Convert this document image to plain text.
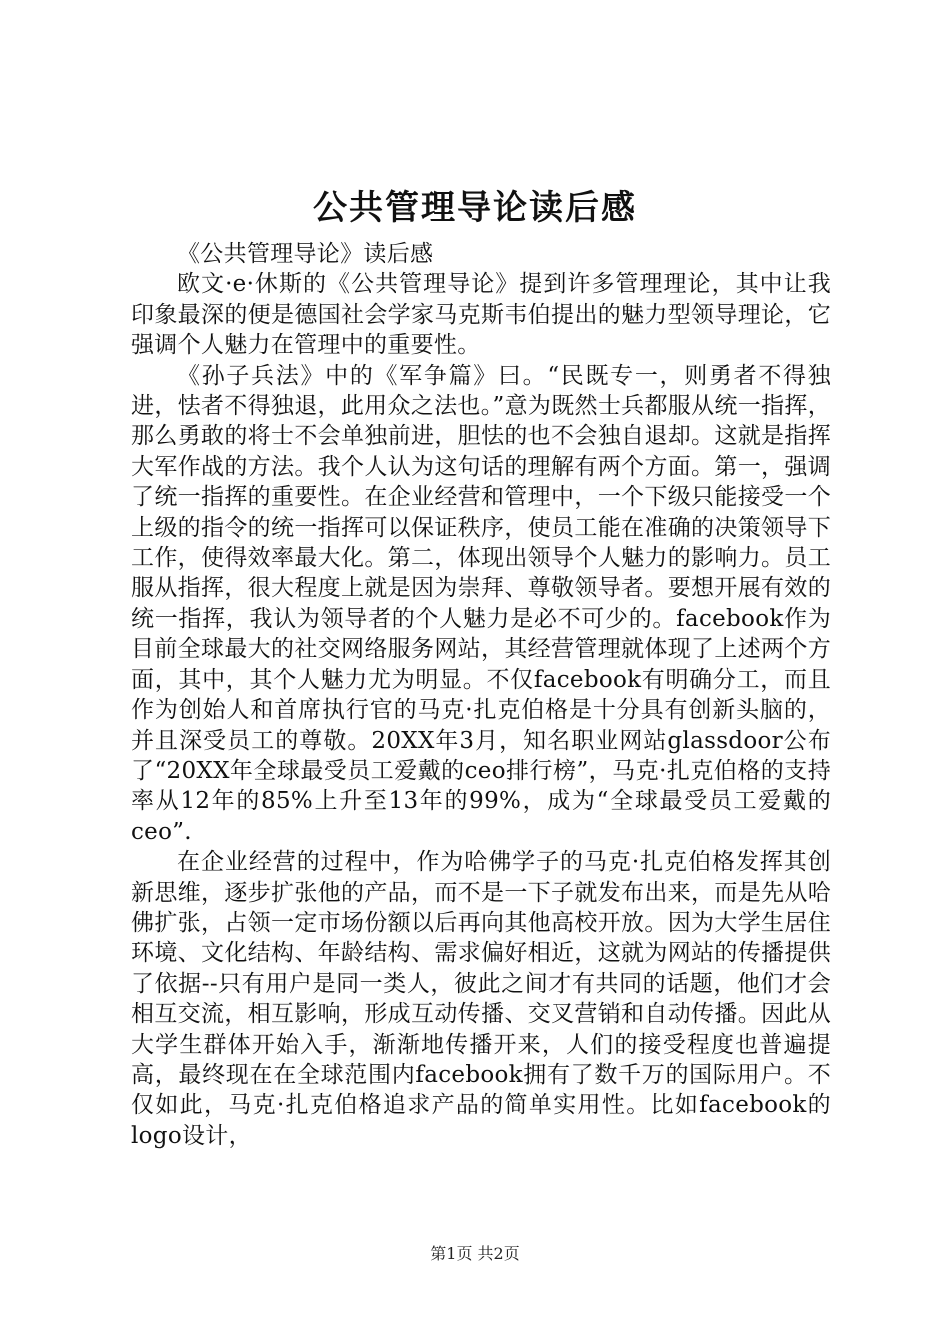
公共管理导论读后感

《公共管理导论》读后感

欧文·e·休斯的《公共管理导论》提到许多管理理论，其中让我印象最深的便是德国社会学家马克斯韦伯提出的魅力型领导理论，它强调个人魅力在管理中的重要性。

《孙子兵法》中的《军争篇》曰。“民既专一，则勇者不得独进，怯者不得独退，此用众之法也。”意为既然士兵都服从统一指挥，那么勇敢的将士不会单独前进，胆怯的也不会独自退却。这就是指挥大军作战的方法。我个人认为这句话的理解有两个方面。第一，强调了统一指挥的重要性。在企业经营和管理中，一个下级只能接受一个上级的指令的统一指挥可以保证秩序，使员工能在准确的决策领导下工作，使得效率最大化。第二，体现出领导个人魅力的影响力。员工服从指挥，很大程度上就是因为崇拜、尊敬领导者。要想开展有效的统一指挥，我认为领导者的个人魅力是必不可少的。facebook作为目前全球最大的社交网络服务网站，其经营管理就体现了上述两个方面，其中，其个人魅力尤为明显。不仅facebook有明确分工，而且作为创始人和首席执行官的马克·扎克伯格是十分具有创新头脑的，并且深受员工的尊敬。20XX年3月，知名职业网站glassdoor公布了“20XX年全球最受员工爱戴的ceo排行榜”，马克·扎克伯格的支持率从12年的85%上升至13年的99%，成为“全球最受员工爱戴的ceo”.

在企业经营的过程中，作为哈佛学子的马克·扎克伯格发挥其创新思维，逐步扩张他的产品，而不是一下子就发布出来，而是先从哈佛扩张，占领一定市场份额以后再向其他高校开放。因为大学生居住环境、文化结构、年龄结构、需求偏好相近，这就为网站的传播提供了依据--只有用户是同一类人，彼此之间才有共同的话题，他们才会相互交流，相互影响，形成互动传播、交叉营销和自动传播。因此从大学生群体开始入手，渐渐地传播开来，人们的接受程度也普遍提高，最终现在在全球范围内facebook拥有了数千万的国际用户。不仅如此，马克·扎克伯格追求产品的简单实用性。比如facebook的logo设计，

第1页 共2页
